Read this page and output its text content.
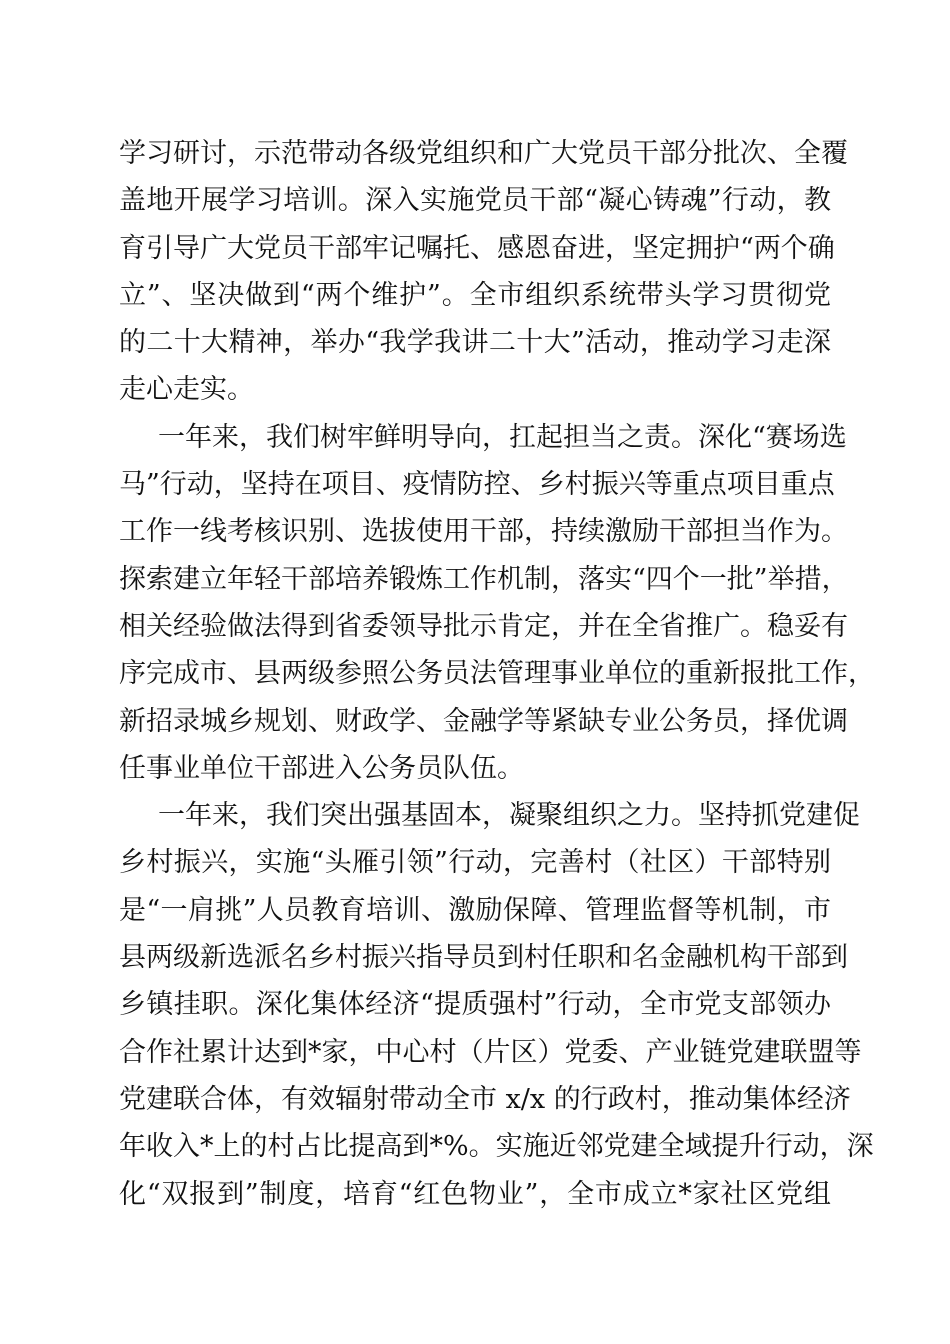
学习研讨，示范带动各级党组织和广大党员干部分批次、全覆
盖地开展学习培训。深入实施党员干部“凝心铸魂”行动，教
育引导广大党员干部牢记嘱托、感恩奋进，坚定拥护“两个确
立”、坚决做到“两个维护”。全市组织系统带头学习贯彻党
的二十大精神，举办“我学我讲二十大”活动，推动学习走深
走心走实。
一年来，我们树牢鲜明导向，扛起担当之责。深化“赛场选
马”行动，坚持在项目、疫情防控、乡村振兴等重点项目重点
工作一线考核识别、选拔使用干部，持续激励干部担当作为。
探索建立年轻干部培养锻炼工作机制，落实“四个一批”举措，
相关经验做法得到省委领导批示肯定，并在全省推广。稳妥有
序完成市、县两级参照公务员法管理事业单位的重新报批工作，
新招录城乡规划、财政学、金融学等紧缺专业公务员，择优调
任事业单位干部进入公务员队伍。
一年来，我们突出强基固本，凝聚组织之力。坚持抓党建促
乡村振兴，实施“头雁引领”行动，完善村（社区）干部特别
是“一肩挑”人员教育培训、激励保障、管理监督等机制，市
县两级新选派名乡村振兴指导员到村任职和名金融机构干部到
乡镇挂职。深化集体经济“提质强村”行动，全市党支部领办
合作社累计达到*家，中心村（片区）党委、产业链党建联盟等
党建联合体，有效辐射带动全市 x/x 的行政村，推动集体经济
年收入*上的村占比提高到*%。实施近邻党建全域提升行动，深
化“双报到”制度，培育“红色物业”，全市成立*家社区党组
